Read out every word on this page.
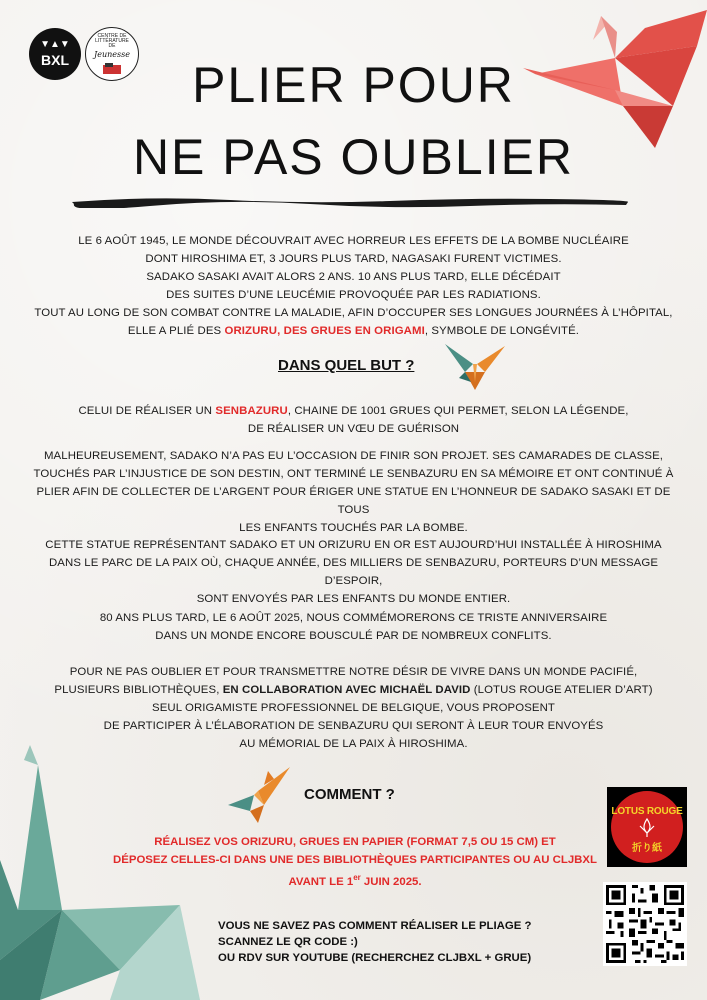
▼▲▼
BXL
CENTRE DE
LITTÉRATURE
DE
Jeunesse
PLIER POUR
NE PAS OUBLIER
LE 6 AOÛT 1945, LE MONDE DÉCOUVRAIT AVEC HORREUR LES EFFETS DE LA BOMBE NUCLÉAIRE
DONT HIROSHIMA ET, 3 JOURS PLUS TARD, NAGASAKI FURENT VICTIMES.
SADAKO SASAKI AVAIT ALORS 2 ANS. 10 ANS PLUS TARD, ELLE DÉCÉDAIT
DES SUITES D’UNE LEUCÉMIE PROVOQUÉE PAR LES RADIATIONS.
TOUT AU LONG DE SON COMBAT CONTRE LA MALADIE, AFIN D’OCCUPER SES LONGUES JOURNÉES À L’HÔPITAL,
ELLE A PLIÉ DES ORIZURU, DES GRUES EN ORIGAMI, SYMBOLE DE LONGÉVITÉ.
DANS QUEL BUT ?
CELUI DE RÉALISER UN SENBAZURU, CHAINE DE 1001 GRUES QUI PERMET, SELON LA LÉGENDE,
DE RÉALISER UN VŒU DE GUÉRISON
MALHEUREUSEMENT, SADAKO N’A PAS EU L’OCCASION DE FINIR SON PROJET. SES CAMARADES DE CLASSE,
TOUCHÉS PAR L’INJUSTICE DE SON DESTIN, ONT TERMINÉ LE SENBAZURU EN SA MÉMOIRE ET ONT CONTINUÉ À
PLIER AFIN DE COLLECTER DE L’ARGENT POUR ÉRIGER UNE STATUE EN L’HONNEUR DE SADAKO SASAKI ET DE TOUS
LES ENFANTS TOUCHÉS PAR LA BOMBE.
CETTE STATUE REPRÉSENTANT SADAKO ET UN ORIZURU EN OR EST AUJOURD’HUI INSTALLÉE À HIROSHIMA
DANS LE PARC DE LA PAIX OÙ, CHAQUE ANNÉE, DES MILLIERS DE SENBAZURU, PORTEURS D’UN MESSAGE D’ESPOIR,
SONT ENVOYÉS PAR LES ENFANTS DU MONDE ENTIER.
80 ANS PLUS TARD, LE 6 AOÛT 2025, NOUS COMMÉMORERONS CE TRISTE ANNIVERSAIRE
DANS UN MONDE ENCORE BOUSCULÉ PAR DE NOMBREUX CONFLITS.
POUR NE PAS OUBLIER ET POUR TRANSMETTRE NOTRE DÉSIR DE VIVRE DANS UN MONDE PACIFIÉ,
PLUSIEURS BIBLIOTHÈQUES, EN COLLABORATION AVEC MICHAËL DAVID (LOTUS ROUGE ATELIER D’ART)
SEUL ORIGAMISTE PROFESSIONNEL DE BELGIQUE, VOUS PROPOSENT
DE PARTICIPER À L’ÉLABORATION DE SENBAZURU QUI SERONT À LEUR TOUR ENVOYÉS
AU MÉMORIAL DE LA PAIX À HIROSHIMA.
COMMENT ?
RÉALISEZ VOS ORIZURU, GRUES EN PAPIER (FORMAT 7,5 OU 15 CM) ET
DÉPOSEZ CELLES-CI DANS UNE DES BIBLIOTHÈQUES PARTICIPANTES OU AU CLJBXL
AVANT LE 1er JUIN 2025.
VOUS NE SAVEZ PAS COMMENT RÉALISER LE PLIAGE ?
SCANNEZ LE QR CODE :)
OU RDV SUR YOUTUBE (RECHERCHEZ CLJBXL + GRUE)
LOTUS ROUGE
折り紙
